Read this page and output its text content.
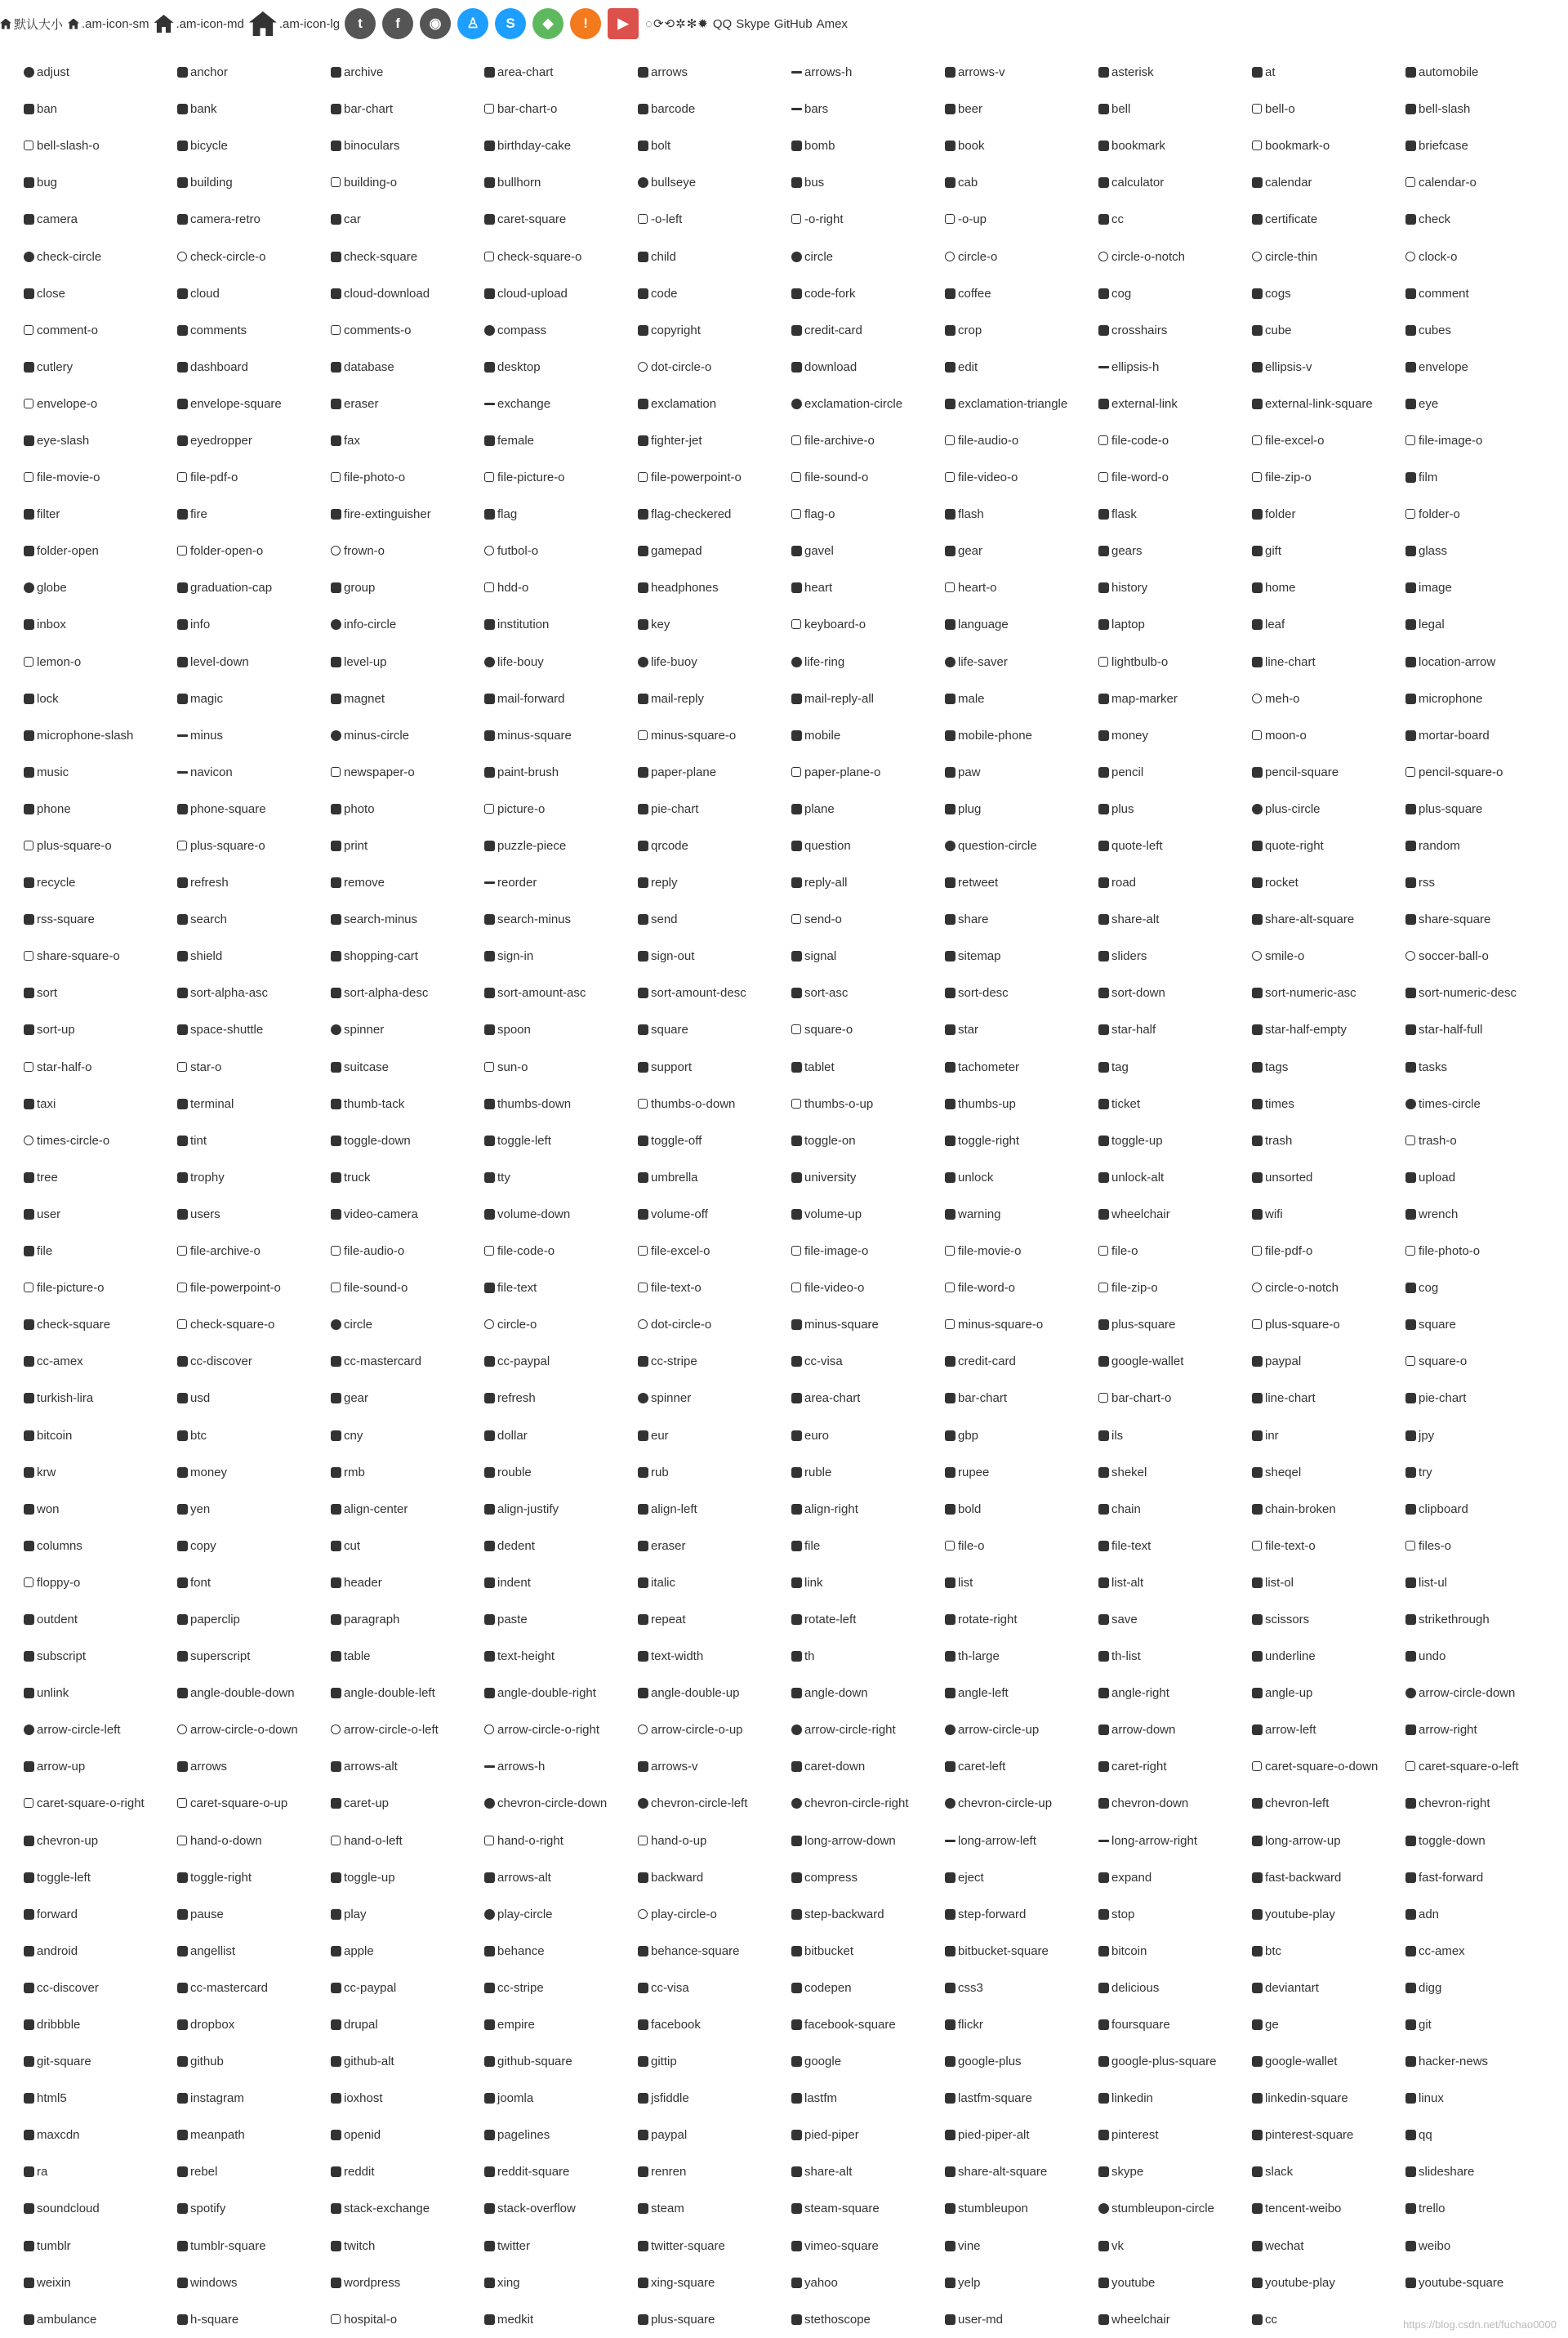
默认大小 .am-icon-sm .am-icon-md	.am-icon-lg	t	f	◉	♙	S	◆	!	▶	◌⟳⟲✲✻✹ QQ Skype GitHub Amex
adjust	anchor	archive	area-chart	arrows	arrows-h	arrows-v	asterisk	at	automobile
ban	bank	bar-chart	bar-chart-o	barcode	bars	beer	bell	bell-o	bell-slash
bell-slash-o	bicycle	binoculars	birthday-cake	bolt	bomb	book	bookmark	bookmark-o	briefcase
bug	building	building-o	bullhorn	bullseye	bus	cab	calculator	calendar	calendar-o
camera	camera-retro	car	caret-square	-o-left	-o-right	-o-up	cc	certificate	check
check-circle	check-circle-o	check-square	check-square-o	child	circle	circle-o	circle-o-notch	circle-thin	clock-o
close	cloud	cloud-download	cloud-upload	code	code-fork	coffee	cog	cogs	comment
comment-o	comments	comments-o	compass	copyright	credit-card	crop	crosshairs	cube	cubes
cutlery	dashboard	database	desktop	dot-circle-o	download	edit	ellipsis-h	ellipsis-v	envelope
envelope-o	envelope-square	eraser	exchange	exclamation	exclamation-circle	exclamation-triangle	external-link	external-link-square	eye
eye-slash	eyedropper	fax	female	fighter-jet	file-archive-o	file-audio-o	file-code-o	file-excel-o	file-image-o
file-movie-o	file-pdf-o	file-photo-o	file-picture-o	file-powerpoint-o	file-sound-o	file-video-o	file-word-o	file-zip-o	film
filter	fire	fire-extinguisher	flag	flag-checkered	flag-o	flash	flask	folder	folder-o
folder-open	folder-open-o	frown-o	futbol-o	gamepad	gavel	gear	gears	gift	glass
globe	graduation-cap	group	hdd-o	headphones	heart	heart-o	history	home	image
inbox	info	info-circle	institution	key	keyboard-o	language	laptop	leaf	legal
lemon-o	level-down	level-up	life-bouy	life-buoy	life-ring	life-saver	lightbulb-o	line-chart	location-arrow
lock	magic	magnet	mail-forward	mail-reply	mail-reply-all	male	map-marker	meh-o	microphone
microphone-slash	minus	minus-circle	minus-square	minus-square-o	mobile	mobile-phone	money	moon-o	mortar-board
music	navicon	newspaper-o	paint-brush	paper-plane	paper-plane-o	paw	pencil	pencil-square	pencil-square-o
phone	phone-square	photo	picture-o	pie-chart	plane	plug	plus	plus-circle	plus-square
plus-square-o	plus-square-o	print	puzzle-piece	qrcode	question	question-circle	quote-left	quote-right	random
recycle	refresh	remove	reorder	reply	reply-all	retweet	road	rocket	rss
rss-square	search	search-minus	search-minus	send	send-o	share	share-alt	share-alt-square	share-square
share-square-o	shield	shopping-cart	sign-in	sign-out	signal	sitemap	sliders	smile-o	soccer-ball-o
sort	sort-alpha-asc	sort-alpha-desc	sort-amount-asc	sort-amount-desc	sort-asc	sort-desc	sort-down	sort-numeric-asc	sort-numeric-desc
sort-up	space-shuttle	spinner	spoon	square	square-o	star	star-half	star-half-empty	star-half-full
star-half-o	star-o	suitcase	sun-o	support	tablet	tachometer	tag	tags	tasks
taxi	terminal	thumb-tack	thumbs-down	thumbs-o-down	thumbs-o-up	thumbs-up	ticket	times	times-circle
times-circle-o	tint	toggle-down	toggle-left	toggle-off	toggle-on	toggle-right	toggle-up	trash	trash-o
tree	trophy	truck	tty	umbrella	university	unlock	unlock-alt	unsorted	upload
user	users	video-camera	volume-down	volume-off	volume-up	warning	wheelchair	wifi	wrench
file	file-archive-o	file-audio-o	file-code-o	file-excel-o	file-image-o	file-movie-o	file-o	file-pdf-o	file-photo-o
file-picture-o	file-powerpoint-o	file-sound-o	file-text	file-text-o	file-video-o	file-word-o	file-zip-o	circle-o-notch	cog
check-square	check-square-o	circle	circle-o	dot-circle-o	minus-square	minus-square-o	plus-square	plus-square-o	square
cc-amex	cc-discover	cc-mastercard	cc-paypal	cc-stripe	cc-visa	credit-card	google-wallet	paypal	square-o
turkish-lira	usd	gear	refresh	spinner	area-chart	bar-chart	bar-chart-o	line-chart	pie-chart
bitcoin	btc	cny	dollar	eur	euro	gbp	ils	inr	jpy
krw	money	rmb	rouble	rub	ruble	rupee	shekel	sheqel	try
won	yen	align-center	align-justify	align-left	align-right	bold	chain	chain-broken	clipboard
columns	copy	cut	dedent	eraser	file	file-o	file-text	file-text-o	files-o
floppy-o	font	header	indent	italic	link	list	list-alt	list-ol	list-ul
outdent	paperclip	paragraph	paste	repeat	rotate-left	rotate-right	save	scissors	strikethrough
subscript	superscript	table	text-height	text-width	th	th-large	th-list	underline	undo
unlink	angle-double-down	angle-double-left	angle-double-right	angle-double-up	angle-down	angle-left	angle-right	angle-up	arrow-circle-down
arrow-circle-left	arrow-circle-o-down	arrow-circle-o-left	arrow-circle-o-right	arrow-circle-o-up	arrow-circle-right	arrow-circle-up	arrow-down	arrow-left	arrow-right
arrow-up	arrows	arrows-alt	arrows-h	arrows-v	caret-down	caret-left	caret-right	caret-square-o-down	caret-square-o-left
caret-square-o-right	caret-square-o-up	caret-up	chevron-circle-down	chevron-circle-left	chevron-circle-right	chevron-circle-up	chevron-down	chevron-left	chevron-right
chevron-up	hand-o-down	hand-o-left	hand-o-right	hand-o-up	long-arrow-down	long-arrow-left	long-arrow-right	long-arrow-up	toggle-down
toggle-left	toggle-right	toggle-up	arrows-alt	backward	compress	eject	expand	fast-backward	fast-forward
forward	pause	play	play-circle	play-circle-o	step-backward	step-forward	stop	youtube-play	adn
android	angellist	apple	behance	behance-square	bitbucket	bitbucket-square	bitcoin	btc	cc-amex
cc-discover	cc-mastercard	cc-paypal	cc-stripe	cc-visa	codepen	css3	delicious	deviantart	digg
dribbble	dropbox	drupal	empire	facebook	facebook-square	flickr	foursquare	ge	git
git-square	github	github-alt	github-square	gittip	google	google-plus	google-plus-square	google-wallet	hacker-news
html5	instagram	ioxhost	joomla	jsfiddle	lastfm	lastfm-square	linkedin	linkedin-square	linux
maxcdn	meanpath	openid	pagelines	paypal	pied-piper	pied-piper-alt	pinterest	pinterest-square	qq
ra	rebel	reddit	reddit-square	renren	share-alt	share-alt-square	skype	slack	slideshare
soundcloud	spotify	stack-exchange	stack-overflow	steam	steam-square	stumbleupon	stumbleupon-circle	tencent-weibo	trello
tumblr	tumblr-square	twitch	twitter	twitter-square	vimeo-square	vine	vk	wechat	weibo
weixin	windows	wordpress	xing	xing-square	yahoo	yelp	youtube	youtube-play	youtube-square
ambulance	h-square	hospital-o	medkit	plus-square	stethoscope	user-md	wheelchair	cc	https://blog.csdn.net/fuchao0000
